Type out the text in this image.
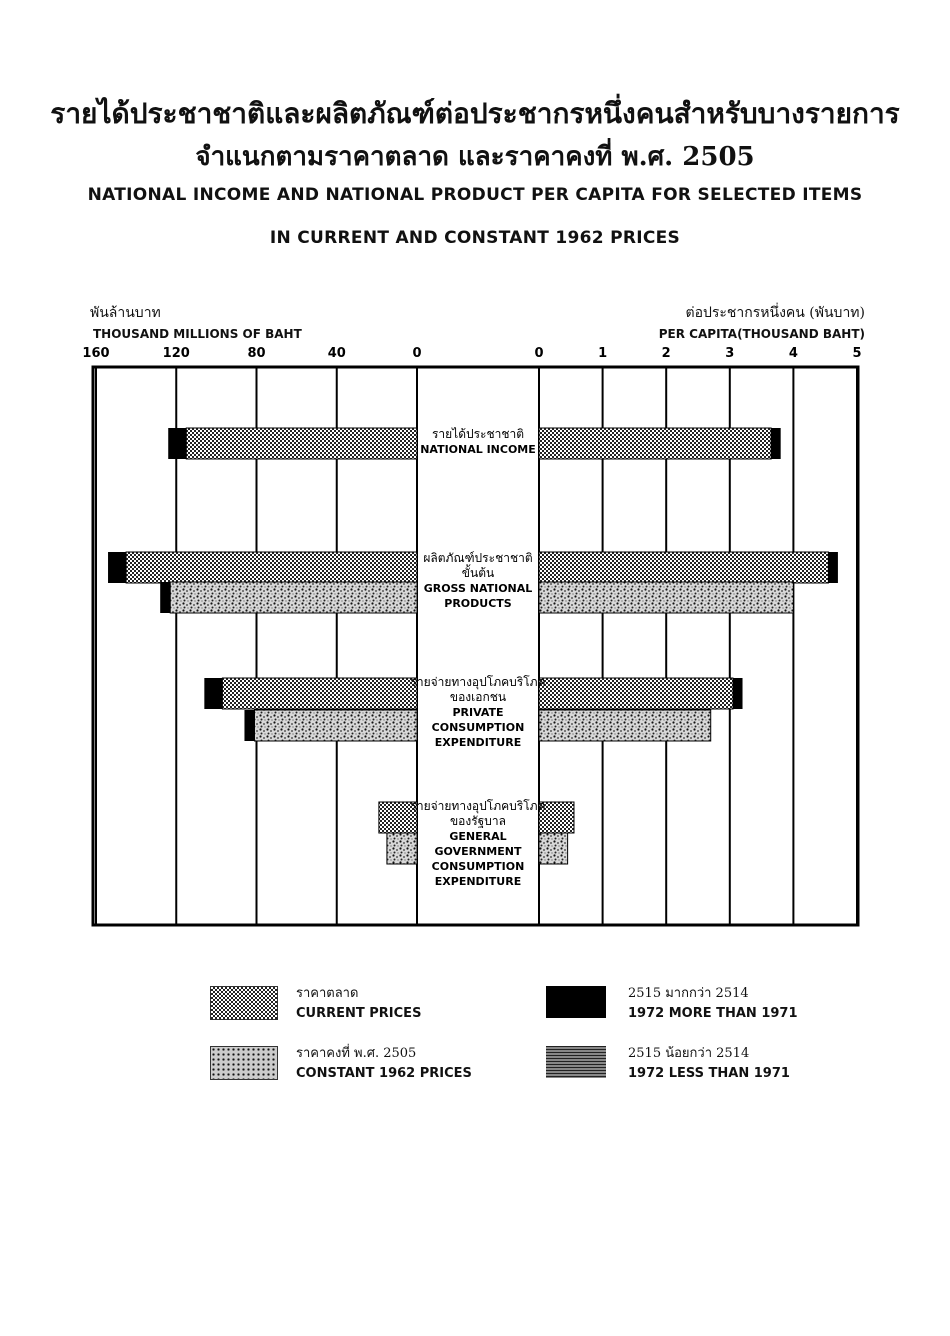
รายได้ประชาชาติและผลิตภัณฑ์ต่อประชากรหนึ่งคนสำหรับบางรายการ
จำแนกตามราคาตลาด และราคาคงที่ พ.ศ. 2505
NATIONAL INCOME AND NATIONAL PRODUCT PER CAPITA FOR SELECTED ITEMS
IN CURRENT AND CONSTANT 1962 PRICES
พันล้านบาท
THOUSAND MILLIONS OF BAHT
ต่อประชากรหนึ่งคน (พันบาท)
PER CAPITA(THOUSAND BAHT)
รายได้ประชาชาติ
NATIONAL INCOME
ผลิตภัณฑ์ประชาชาติ
ขั้นต้น
GROSS NATIONAL
PRODUCTS
รายจ่ายทางอุปโภคบริโภค
ของเอกชน
PRIVATE
CONSUMPTION
EXPENDITURE
รายจ่ายทางอุปโภคบริโภค
ของรัฐบาล
GENERAL
GOVERNMENT
CONSUMPTION
EXPENDITURE
160	120	80	40	0	0	1	2	3	4	5
ราคาตลาด
CURRENT PRICES
ราคาคงที่ พ.ศ. 2505
CONSTANT 1962 PRICES
2515 มากกว่า 2514
1972 MORE THAN 1971
2515 น้อยกว่า 2514
1972 LESS THAN 1971
